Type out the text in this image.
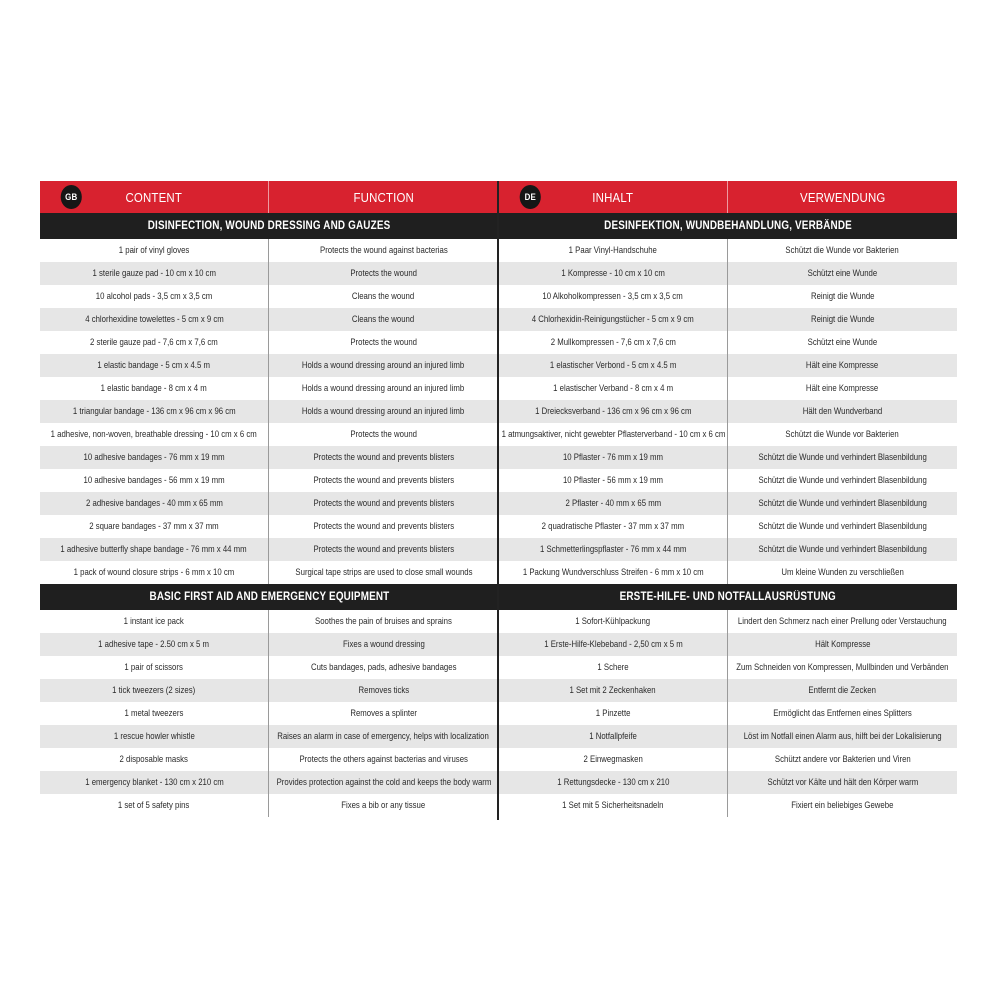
GB	CONTENT	FUNCTION
DISINFECTION, WOUND DRESSING AND GAUZES
1 pair of vinyl gloves	Protects the wound against bacterias
1 sterile gauze pad - 10 cm x 10 cm	Protects the wound
10 alcohol pads - 3,5 cm x 3,5 cm	Cleans the wound
4 chlorhexidine towelettes - 5 cm x 9 cm	Cleans the wound
2 sterile gauze pad - 7,6 cm x 7,6 cm	Protects the wound
1 elastic bandage - 5 cm x 4.5 m	Holds a wound dressing around an injured limb
1 elastic bandage - 8 cm x 4 m	Holds a wound dressing around an injured limb
1 triangular bandage - 136 cm x 96 cm x 96 cm	Holds a wound dressing around an injured limb
1 adhesive, non-woven, breathable dressing - 10 cm x 6 cm	Protects the wound
10 adhesive bandages - 76 mm x 19 mm	Protects the wound and prevents blisters
10 adhesive bandages - 56 mm x 19 mm	Protects the wound and prevents blisters
2 adhesive bandages - 40 mm x 65 mm	Protects the wound and prevents blisters
2 square bandages - 37 mm x 37 mm	Protects the wound and prevents blisters
1 adhesive butterfly shape bandage - 76 mm x 44 mm	Protects the wound and prevents blisters
1 pack of wound closure strips - 6 mm x 10 cm	Surgical tape strips are used to close small wounds
BASIC FIRST AID AND EMERGENCY EQUIPMENT
1 instant ice pack	Soothes the pain of bruises and sprains
1 adhesive tape - 2.50 cm x 5 m	Fixes a wound dressing
1 pair of scissors	Cuts bandages, pads, adhesive bandages
1 tick tweezers (2 sizes)	Removes ticks
1 metal tweezers	Removes a splinter
1 rescue howler whistle	Raises an alarm in case of emergency, helps with localization
2 disposable masks	Protects the others against bacterias and viruses
1 emergency blanket - 130 cm x 210 cm	Provides protection against the cold and keeps the body warm
1 set of 5 safety pins	Fixes a bib or any tissue
DE	INHALT	VERWENDUNG
DESINFEKTION, WUNDBEHANDLUNG, VERBÄNDE
1 Paar Vinyl-Handschuhe	Schützt die Wunde vor Bakterien
1 Kompresse - 10 cm x 10 cm	Schützt eine Wunde
10 Alkoholkompressen - 3,5 cm x 3,5 cm	Reinigt die Wunde
4 Chlorhexidin-Reinigungstücher - 5 cm x 9 cm	Reinigt die Wunde
2 Mullkompressen - 7,6 cm x 7,6 cm	Schützt eine Wunde
1 elastischer Verbond - 5 cm x 4.5 m	Hält eine Kompresse
1 elastischer Verband - 8 cm x 4 m	Hält eine Kompresse
1 Dreiecksverband - 136 cm x 96 cm x 96 cm	Hält den Wundverband
1 atmungsaktiver, nicht gewebter Pflasterverband - 10 cm x 6 cm	Schützt die Wunde vor Bakterien
10 Pflaster - 76 mm x 19 mm	Schützt die Wunde und verhindert Blasenbildung
10 Pflaster - 56 mm x 19 mm	Schützt die Wunde und verhindert Blasenbildung
2 Pflaster - 40 mm x 65 mm	Schützt die Wunde und verhindert Blasenbildung
2 quadratische Pflaster - 37 mm x 37 mm	Schützt die Wunde und verhindert Blasenbildung
1 Schmetterlingspflaster - 76 mm x 44 mm	Schützt die Wunde und verhindert Blasenbildung
1 Packung Wundverschluss Streifen - 6 mm x 10 cm	Um kleine Wunden zu verschließen
ERSTE-HILFE- UND NOTFALLAUSRÜSTUNG
1 Sofort-Kühlpackung	Lindert den Schmerz nach einer Prellung oder Verstauchung
1 Erste-Hilfe-Klebeband - 2,50 cm x 5 m	Hält Kompresse
1 Schere	Zum Schneiden von Kompressen, Mullbinden und Verbänden
1 Set mit 2 Zeckenhaken	Entfernt die Zecken
1 Pinzette	Ermöglicht das Entfernen eines Splitters
1 Notfallpfeife	Löst im Notfall einen Alarm aus, hilft bei der Lokalisierung
2 Einwegmasken	Schützt andere vor Bakterien und Viren
1 Rettungsdecke - 130 cm x 210	Schützt vor Kälte und hält den Körper warm
1 Set mit 5 Sicherheitsnadeln	Fixiert ein beliebiges Gewebe
